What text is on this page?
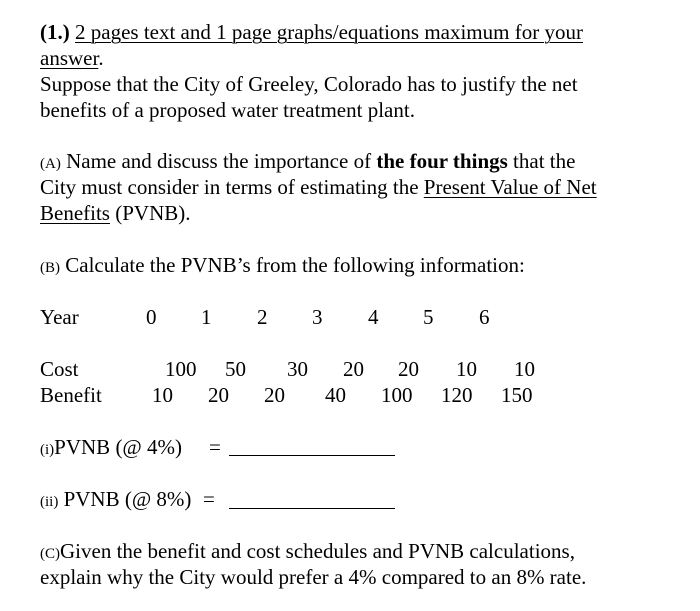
(1.) 2 pages text and 1 page graphs/equations maximum for your
answer.
Suppose that the City of Greeley, Colorado has to justify the net
benefits of a proposed water treatment plant.
(A) Name and discuss the importance of the four things that the
City must consider in terms of estimating the Present Value of Net
Benefits (PVNB).
(B) Calculate the PVNB’s from the following information:
Year	0 1 2 3 4 5 6
Cost	100 50 30 20 20 10 10
Benefit 10 20 20 40 100 120 150
(i)PVNB (@ 4%) =
(ii) PVNB (@ 8%) =
(C)Given the benefit and cost schedules and PVNB calculations,
explain why the City would prefer a 4% compared to an 8% rate.
